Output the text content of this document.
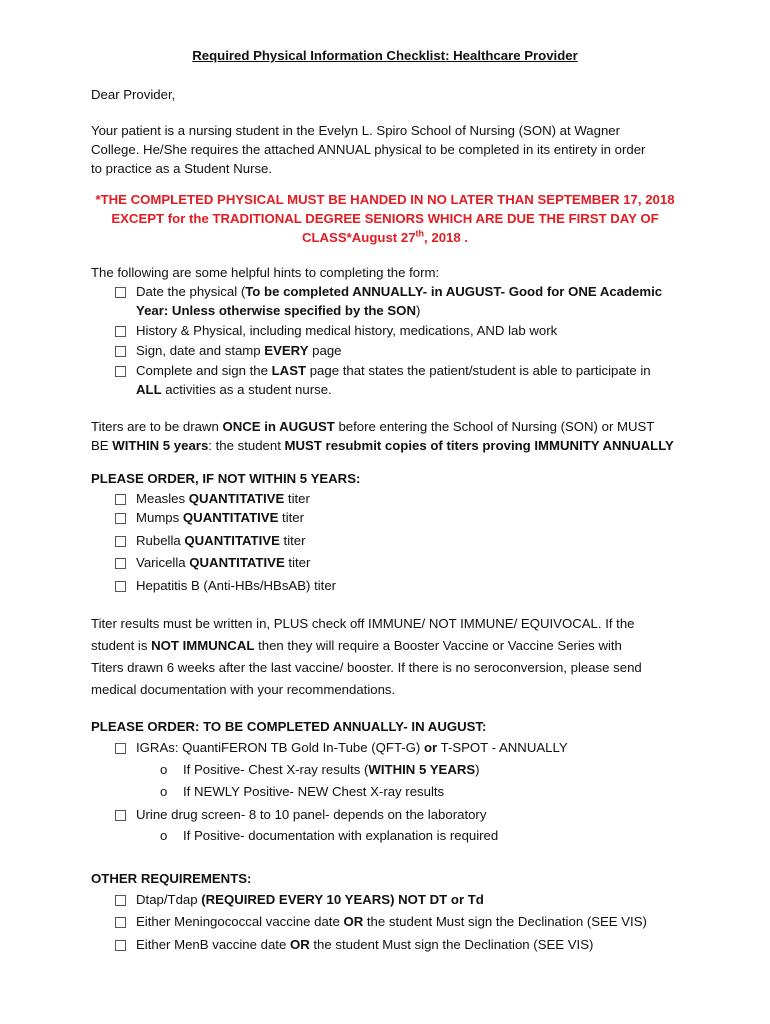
Required Physical Information Checklist: Healthcare Provider
Dear Provider,
Your patient is a nursing student in the Evelyn L. Spiro School of Nursing (SON) at Wagner
College. He/She requires the attached ANNUAL physical to be completed in its entirety in order
to practice as a Student Nurse.
*THE COMPLETED PHYSICAL MUST BE HANDED IN NO LATER THAN SEPTEMBER 17, 2018
EXCEPT for the TRADITIONAL DEGREE SENIORS WHICH ARE DUE THE FIRST DAY OF
CLASS*August 27th, 2018 .
The following are some helpful hints to completing the form:
Date the physical (To be completed ANNUALLY- in AUGUST- Good for ONE Academic
Year: Unless otherwise specified by the SON)
History & Physical, including medical history, medications, AND lab work
Sign, date and stamp EVERY page
Complete and sign the LAST page that states the patient/student is able to participate in
ALL activities as a student nurse.
Titers are to be drawn ONCE in AUGUST before entering the School of Nursing (SON) or MUST
BE WITHIN 5 years: the student MUST resubmit copies of titers proving IMMUNITY ANNUALLY
PLEASE ORDER, IF NOT WITHIN 5 YEARS:
Measles QUANTITATIVE titer
Mumps QUANTITATIVE titer
Rubella QUANTITATIVE titer
Varicella QUANTITATIVE titer
Hepatitis B (Anti-HBs/HBsAB) titer
Titer results must be written in, PLUS check off IMMUNE/ NOT IMMUNE/ EQUIVOCAL. If the
student is NOT IMMUNCAL then they will require a Booster Vaccine or Vaccine Series with
Titers drawn 6 weeks after the last vaccine/ booster. If there is no seroconversion, please send
medical documentation with your recommendations.
PLEASE ORDER: TO BE COMPLETED ANNUALLY- IN AUGUST:
IGRAs: QuantiFERON TB Gold In-Tube (QFT-G) or T-SPOT - ANNUALLY
o If Positive- Chest X-ray results (WITHIN 5 YEARS)
o If NEWLY Positive- NEW Chest X-ray results
Urine drug screen- 8 to 10 panel- depends on the laboratory
o If Positive- documentation with explanation is required
OTHER REQUIREMENTS:
Dtap/Tdap (REQUIRED EVERY 10 YEARS) NOT DT or Td
Either Meningococcal vaccine date OR the student Must sign the Declination (SEE VIS)
Either MenB vaccine date OR the student Must sign the Declination (SEE VIS)
